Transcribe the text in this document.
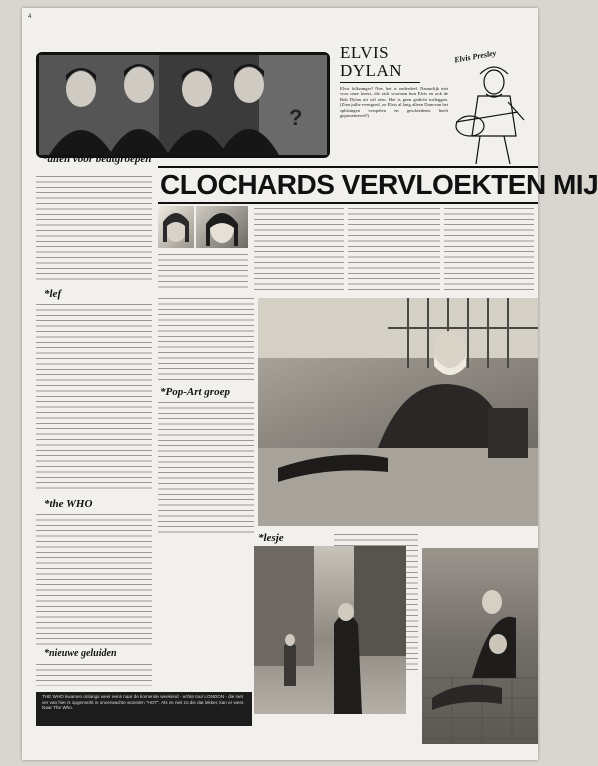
4
?
ELVIS
DYLAN
Elvis folkzanger? Nee, het is onderdeel. Natuurlijk niet voor onze lezers, die zich voortaan hun Elvis en ook de Bob Dylan uit wil zien. Het is geen gedicht toeleggen. (Zien jullie evengoed, zo Elvis al lang alleen Donovan het splitsingen verspelen en geschiedenis heeft gepresenteerd?)
Elvis Presley
*allen voor beatgroepen
CLOCHARDS VERVLOEKTEN MIJ
*lef
*the WHO
*nieuwe geluiden
*Pop-Art groep
*lesje
THE WHO kwamen onlangs weer eens naar de komende weekend - echte tour LONDON - die niet ver van hier is opgemerkt in onverwachte woorden "HOT". Als ze niet zo die dat lekker, kan er weer. Naar The Who.
